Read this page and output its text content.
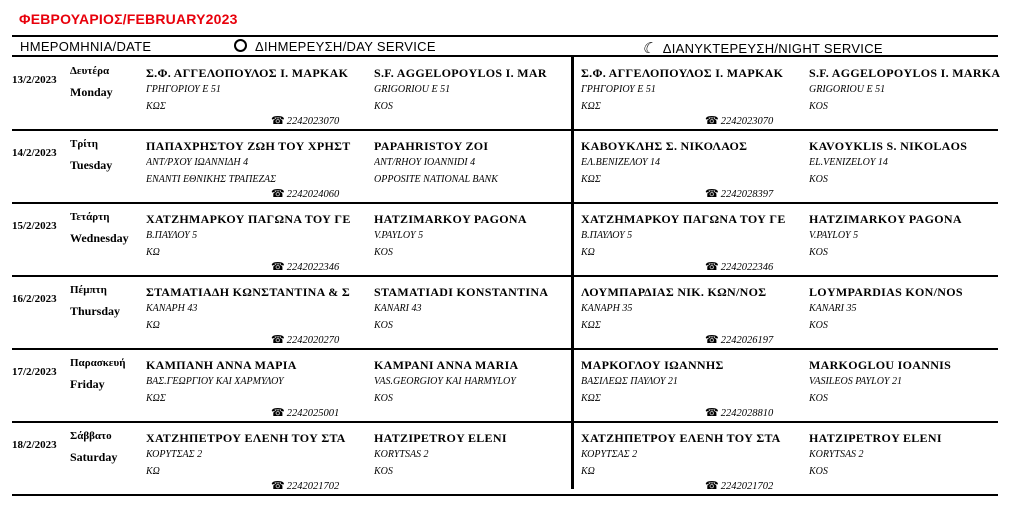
ΦΕΒΡΟΥΑΡΙΟΣ/FEBRUARY2023
ΗΜΕΡΟΜΗΝΙΑ/DATE	ΔΙΗΜΕΡΕΥΣΗ/DAY SERVICE	☾ ΔΙΑΝΥΚΤΕΡΕΥΣΗ/NIGHT SERVICE
13/2/2023
Δευτέρα
Monday
Σ.Φ. ΑΓΓΕΛΟΠΟΥΛΟΣ Ι. ΜΑΡΚΑΚ
ΓΡΗΓΟΡΙΟΥ Ε 51
ΚΩΣ
S.F. AGGELOPOYLOS I. MAR
GRIGORIOU E 51
KOS
☎ 2242023070
Σ.Φ. ΑΓΓΕΛΟΠΟΥΛΟΣ Ι. ΜΑΡΚΑΚ
ΓΡΗΓΟΡΙΟΥ Ε 51
ΚΩΣ
S.F. AGGELOPOYLOS I. MARKA
GRIGORIOU E 51
KOS
☎ 2242023070
14/2/2023
Τρίτη
Tuesday
ΠΑΠΑΧΡΗΣΤΟΥ ΖΩΗ ΤΟΥ ΧΡΗΣΤ
ΑΝΤ/ΡΧΟΥ ΙΩΑΝΝΙΔΗ 4
ΕΝΑΝΤΙ ΕΘΝΙΚΗΣ ΤΡΑΠΕΖΑΣ
PAPAHRISTOY ZOI
ANT/RHOY IOANNIDI 4
OPPOSITE NATIONAL BANK
☎ 2242024060
ΚΑΒΟΥΚΛΗΣ Σ. ΝΙΚΟΛΑΟΣ
ΕΛ.ΒΕΝΙΖΕΛΟΥ 14
ΚΩΣ
KAVOYKLIS S. NIKOLAOS
EL.VENIZELOY 14
KOS
☎ 2242028397
15/2/2023
Τετάρτη
Wednesday
ΧΑΤΖΗΜΑΡΚΟΥ ΠΑΓΩΝΑ ΤΟΥ ΓΕ
Β.ΠΑΥΛΟΥ 5
ΚΩ
HATZIMARKOY PAGONA
V.PAYLOY 5
KOS
☎ 2242022346
ΧΑΤΖΗΜΑΡΚΟΥ ΠΑΓΩΝΑ ΤΟΥ ΓΕ
Β.ΠΑΥΛΟΥ 5
ΚΩ
HATZIMARKOY PAGONA
V.PAYLOY 5
KOS
☎ 2242022346
16/2/2023
Πέμπτη
Thursday
ΣΤΑΜΑΤΙΑΔΗ ΚΩΝΣΤΑΝΤΙΝΑ & Σ
ΚΑΝΑΡΗ 43
ΚΩ
STAMATIADI KONSTANTINA
KANARI 43
KOS
☎ 2242020270
ΛΟΥΜΠΑΡΔΙΑΣ ΝΙΚ. ΚΩΝ/ΝΟΣ
ΚΑΝΑΡΗ 35
ΚΩΣ
LOYMPARDIAS KON/NOS
KANARI 35
KOS
☎ 2242026197
17/2/2023
Παρασκευή
Friday
ΚΑΜΠΑΝΗ ΑΝΝΑ ΜΑΡΙΑ
ΒΑΣ.ΓΕΩΡΓΙΟΥ ΚΑΙ ΧΑΡΜΥΛΟΥ
ΚΩΣ
KAMPANI ANNA MARIA
VAS.GEORGIOY KAI HARMYLOY
KOS
☎ 2242025001
ΜΑΡΚΟΓΛΟΥ ΙΩΑΝΝΗΣ
ΒΑΣΙΛΕΩΣ ΠΑΥΛΟΥ 21
ΚΩΣ
MARKOGLOU IOANNIS
VASILEOS PAYLOY 21
KOS
☎ 2242028810
18/2/2023
Σάββατο
Saturday
ΧΑΤΖΗΠΕΤΡΟΥ ΕΛΕΝΗ ΤΟΥ ΣΤΑ
ΚΟΡΥΤΣΑΣ 2
ΚΩ
HATZIPETROY ELENI
KORYTSAS 2
KOS
☎ 2242021702
ΧΑΤΖΗΠΕΤΡΟΥ ΕΛΕΝΗ ΤΟΥ ΣΤΑ
ΚΟΡΥΤΣΑΣ 2
ΚΩ
HATZIPETROY ELENI
KORYTSAS 2
KOS
☎ 2242021702
